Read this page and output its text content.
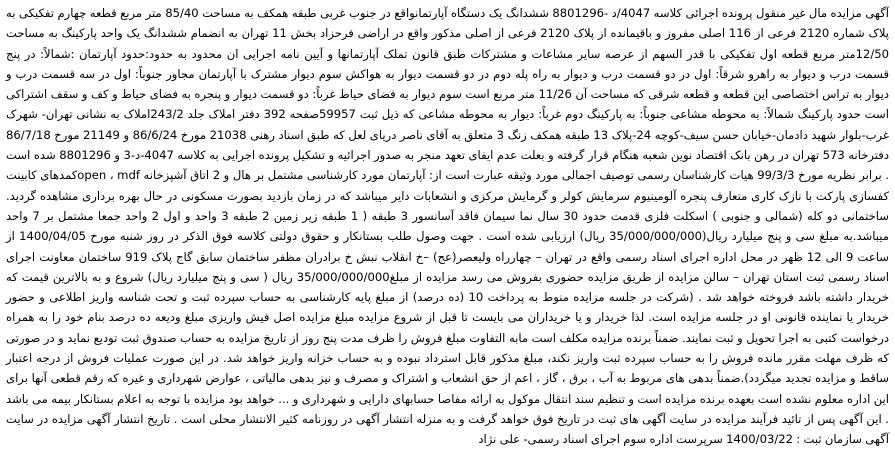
آگهی مزایده مال غیر منقول پرونده اجرائی کلاسه 4047/د -8801296 ششدانگ یک دستگاه آپارتمانواقع در جنوب غربی طبقه همکف به مساحت 85/40 متر مربع قطعه چهارم تفکیکی به پلاک شماره 2120 فرعی از 116 اصلی مفروز و باقیمانده از پلاک 2120 فرعی از اصلی مذکور واقع در اراضی فرحزاد بخش 11 تهران به انضمام ششدانگ یک واحد پارکینگ به مساحت 12/50متر مربع قطعه اول تفکیکی با قدر السهم از عرصه سایر مشاعات و مشترکات طبق قانون تملک آپارتمانها و آیین نامه اجرایی ان محدود به حدود:حدود آپارتمان :شمالاً: در پنج قسمت درب و دیوار به راهرو شرقاً: اول در دو قسمت درب و دیوار به راه پله دوم در دو قسمت دیوار به هواکش سوم دیوار مشترک با آپارتمان مجاور جنوباً: اول در سه قسمت درب و دیوار به تراس اختصاصی این قطعه و قطعه شرقی که مساحت آن 11/26 متر مربع است سوم دیوار به فضای حیاط غرباً: دو قسمت دیوار و پنجره به فضای حیاط و کف و سقف اشتراکی است حدود پارکینگ شمالاً: به محوطه مشاعی جنوباً: به پارکینگ دوم غرباً: دیوار به محوطه مشاعی که ذیل ثبت 59957صفحه 392 دفتر املاک جلد 243/2املاک به نشانی تهران- شهرک غرب-بلوار شهید دادمان-خیابان حسن سیف-کوچه 24-پلاک 13 طبقه همکف زنگ 3 متعلق به آقای ناصر دریای لعل که طبق اسناد رهنی 21038 مورخ 86/6/24 و 21149 مورخ 86/7/18 دفترخانه 573 تهران در رهن بانک اقتصاد نوین شعبه هنگام قرار گرفته و بعلت عدم ایفای تعهد منجر به صدور اجرائیه و تشکیل پرونده اجرایی به کلاسه 4047-د-3 و 8801296 شده است . برابر نظریه مورخ 99/3/3 هیات کارشناسان رسمی توصیف اجمالی مورد وثیقه عبارت است از: آپارتمان مورد کارشناسی مشتمل بر هال و 2 اتاق آشپزخانه open ، mdfکمدهای کابینت کفسازی پارکت با نازک کاری متعارف پنجره آلومینیوم سرمایش کولر و گرمایش مرکزی و انشعابات دایر میباشد که در زمان بازدید بصورت مسکونی در حال بهره برداری مشاهده گردید. ساختمانی دو کله (شمالی و جنوبی ) اسکلت فلزی قدمت حدود 30 سال نما سیمان فاقد آسانسور 3 طبقه ( 1 طبقه زیر زمین 2 طبقه 3 واحد و اول 2 واحد جمعا مشتمل بر 7 واحد میباشد.به مبلغ سی و پنج میلیارد ریال(35/000/000/000 ریال) ارزیابی شده است . جهت وصول طلب بستانکار و حقوق دولتی کلاسه فوق الذکر در روز شنبه مورخ 1400/04/05 از ساعت 9 الی 12 ظهر در محل اداره اجرای اسناد رسمی واقع در تهران – چهارراه ولیعصر(عج) –خ انقلاب نبش خ برادران مظفر ساختمان سابق گاج پلاک 919 ساختمان معاونت اجرای اسناد رسمی ثبت استان تهران – سالن مزایده از طریق مزایده حضوری بفروش می رسد مزایده از مبلغ35/000/000/000 ریال ( سی و پنج میلیارد ریال) شروع و به بالاترین قیمت که خریدار داشته باشد فروخته خواهد شد . (شرکت در جلسه مزایده منوط به پرداخت 10 (ده درصد) از مبلغ پایه کارشناسی به حساب سپرده ثبت و تحت شناسه واریز اطلاعی و حضور خریدار یا نماینده قانونی او در جلسه مزایده است. لذا خریدار و یا خریداران می بایست تا قبل از شروع مزایده مبلغ مزایده اصل فیش واریزی مبلغ ودیعه ده درصد بنام خود را به همراه درخواست کتبی به اجرا تحویل و ثبت نمایند. ضمناً برنده مزایده مکلف است مابه التفاوت مبلغ فروش را ظرف مدت پنج روز از تاریخ مزایده به حساب صندوق ثبت تودیع نماید و در صورتی که ظرف مهلت مقرر مانده فروش را به حساب سپرده ثبت واریز نکند، مبلغ مذکور قابل استرداد نبوده و به حساب خزانه واریز خواهد شد. در این صورت عملیات فروش از درجه اعتبار ساقط و مزایده تجدید میگردد).ضمناً بدهی های مربوط به آب ، برق ، گاز ، اعم از حق انشعاب و اشتراک و مصرف و نیز بدهی مالیاتی ، عوارض شهرداری و غیره که رقم قطعی آنها برای این اداره معلوم نشده است بعهده برنده مزایده است و تنظیم سند انتقال موکول به ارائه مفاصا حسابهای دارایی و شهرداری و ... خواهد بود مزایده با توجه به اعلام بستانکار بیمه می باشد . این آگهی پس از تائید فرآیند مزایده در سایت آگهی های ثبت در تاریخ فوق خواهد گرفت و به منزله انتشار آگهی در روزنامه کثیر الانتشار محلی است . تاریخ انتشار آگهی مزایده در سایت آگهی سازمان ثبت : 1400/03/22 سرپرست اداره سوم اجرای اسناد رسمی- علی نژاد
